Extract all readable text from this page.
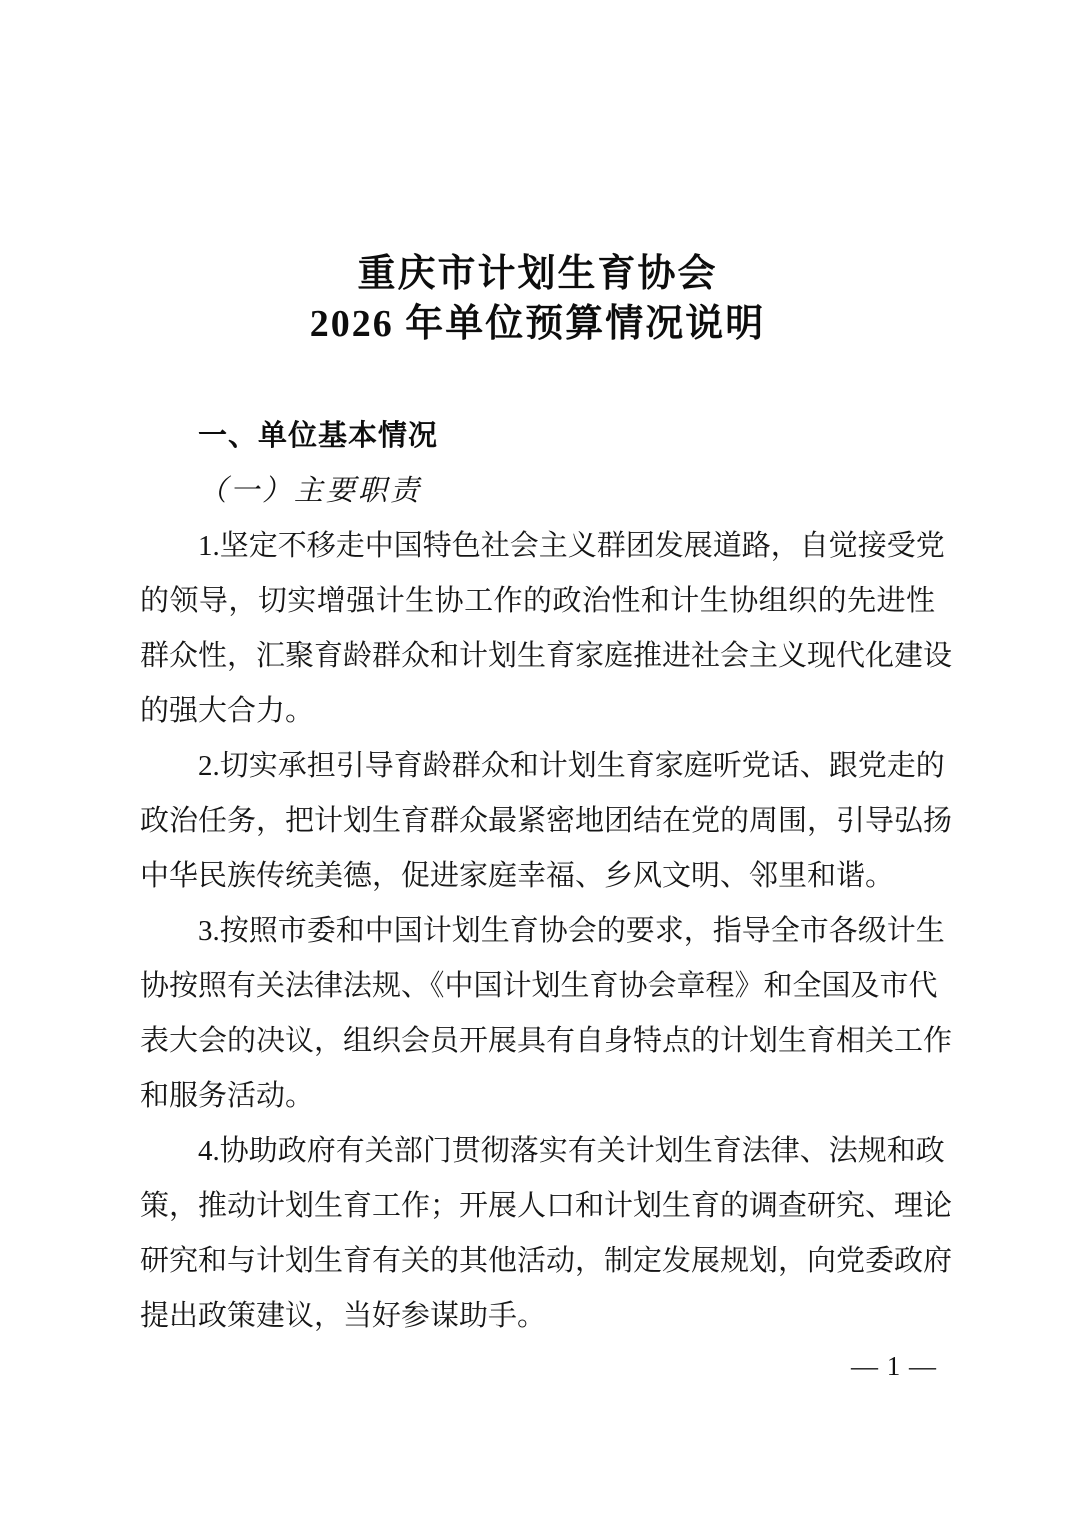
重庆市计划生育协会
2026 年单位预算情况说明
一、单位基本情况
（一）主要职责
1.坚定不移走中国特色社会主义群团发展道路，自觉接受党
的领导，切实增强计生协工作的政治性和计生协组织的先进性
群众性，汇聚育龄群众和计划生育家庭推进社会主义现代化建设
的强大合力。
2.切实承担引导育龄群众和计划生育家庭听党话、跟党走的
政治任务，把计划生育群众最紧密地团结在党的周围，引导弘扬
中华民族传统美德，促进家庭幸福、乡风文明、邻里和谐。
3.按照市委和中国计划生育协会的要求，指导全市各级计生
协按照有关法律法规、《中国计划生育协会章程》和全国及市代
表大会的决议，组织会员开展具有自身特点的计划生育相关工作
和服务活动。
4.协助政府有关部门贯彻落实有关计划生育法律、法规和政
策，推动计划生育工作；开展人口和计划生育的调查研究、理论
研究和与计划生育有关的其他活动，制定发展规划，向党委政府
提出政策建议，当好参谋助手。
— 1 —
